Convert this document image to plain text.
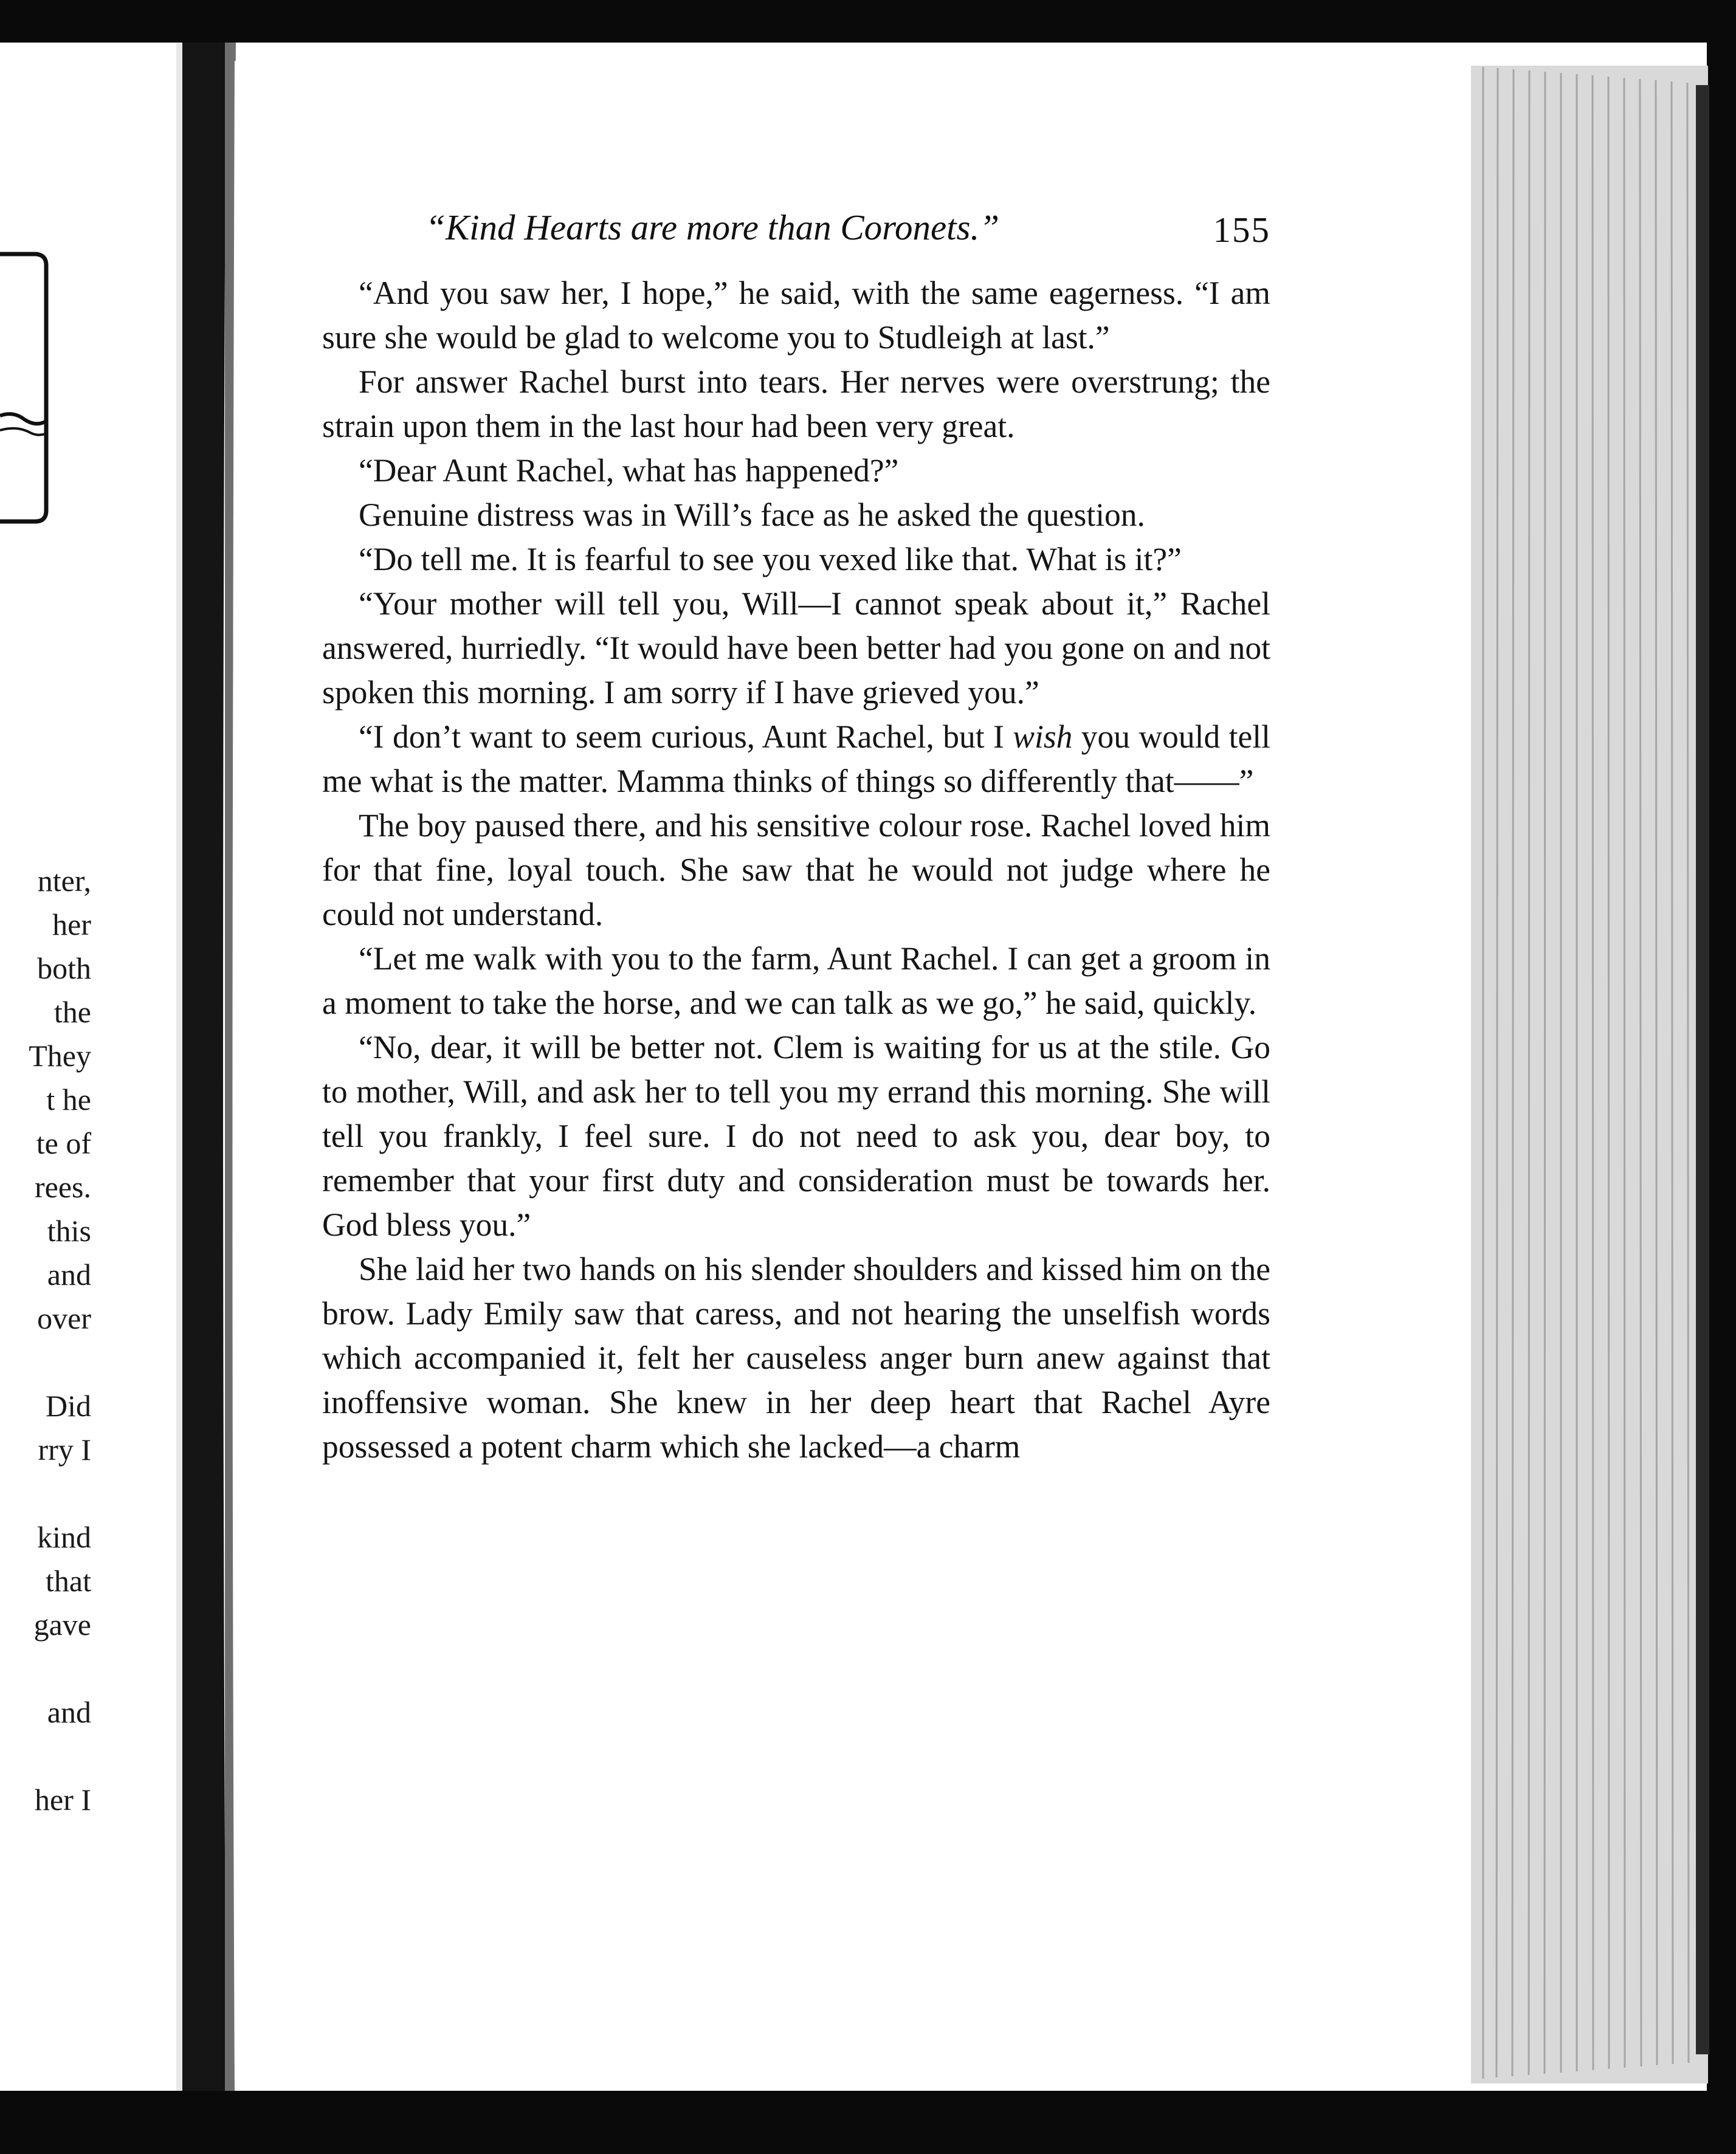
nter,
her
both
the
They
t he
te of
rees.
this
and
over
Did
rry I
kind
that
gave
and
her I
“Kind Hearts are more than Coronets.”	155

“And you saw her, I hope,” he said, with the same eagerness. “I am sure she would be glad to welcome you to Studleigh at last.”

For answer Rachel burst into tears. Her nerves were overstrung; the strain upon them in the last hour had been very great.

“Dear Aunt Rachel, what has happened?”

Genuine distress was in Will’s face as he asked the question.

“Do tell me. It is fearful to see you vexed like that. What is it?”

“Your mother will tell you, Will—I cannot speak about it,” Rachel answered, hurriedly. “It would have been better had you gone on and not spoken this morning. I am sorry if I have grieved you.”

“I don’t want to seem curious, Aunt Rachel, but I wish you would tell me what is the matter. Mamma thinks of things so differently that——”

The boy paused there, and his sensitive colour rose. Rachel loved him for that fine, loyal touch. She saw that he would not judge where he could not understand.

“Let me walk with you to the farm, Aunt Rachel. I can get a groom in a moment to take the horse, and we can talk as we go,” he said, quickly.

“No, dear, it will be better not. Clem is waiting for us at the stile. Go to mother, Will, and ask her to tell you my errand this morning. She will tell you frankly, I feel sure. I do not need to ask you, dear boy, to remember that your first duty and consideration must be towards her. God bless you.”

She laid her two hands on his slender shoulders and kissed him on the brow. Lady Emily saw that caress, and not hearing the unselfish words which accompanied it, felt her causeless anger burn anew against that inoffensive woman. She knew in her deep heart that Rachel Ayre possessed a potent charm which she lacked—a charm
